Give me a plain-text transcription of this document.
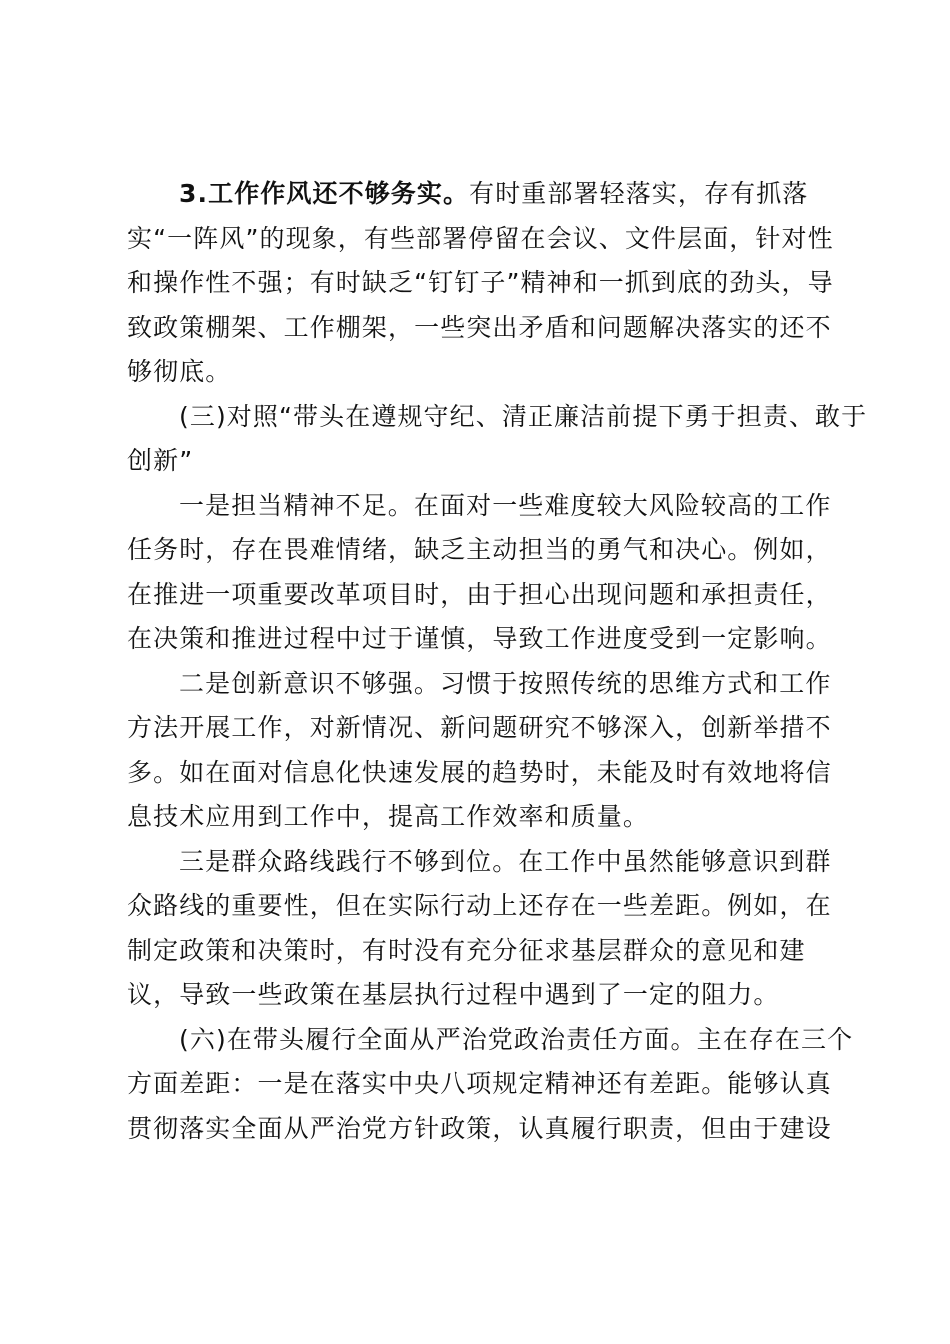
3.工作作风还不够务实。有时重部署轻落实，存有抓落
实“一阵风”的现象，有些部署停留在会议、文件层面，针对性
和操作性不强；有时缺乏“钉钉子”精神和一抓到底的劲头，导
致政策棚架、工作棚架，一些突出矛盾和问题解决落实的还不
够彻底。
(三)对照“带头在遵规守纪、清正廉洁前提下勇于担责、敢于
创新”
一是担当精神不足。在面对一些难度较大风险较高的工作
任务时，存在畏难情绪，缺乏主动担当的勇气和决心。例如，
在推进一项重要改革项目时，由于担心出现问题和承担责任，
在决策和推进过程中过于谨慎，导致工作进度受到一定影响。
二是创新意识不够强。习惯于按照传统的思维方式和工作
方法开展工作，对新情况、新问题研究不够深入，创新举措不
多。如在面对信息化快速发展的趋势时，未能及时有效地将信
息技术应用到工作中，提高工作效率和质量。
三是群众路线践行不够到位。在工作中虽然能够意识到群
众路线的重要性，但在实际行动上还存在一些差距。例如，在
制定政策和决策时，有时没有充分征求基层群众的意见和建
议，导致一些政策在基层执行过程中遇到了一定的阻力。
(六)在带头履行全面从严治党政治责任方面。主在存在三个
方面差距：一是在落实中央八项规定精神还有差距。能够认真
贯彻落实全面从严治党方针政策，认真履行职责，但由于建设
